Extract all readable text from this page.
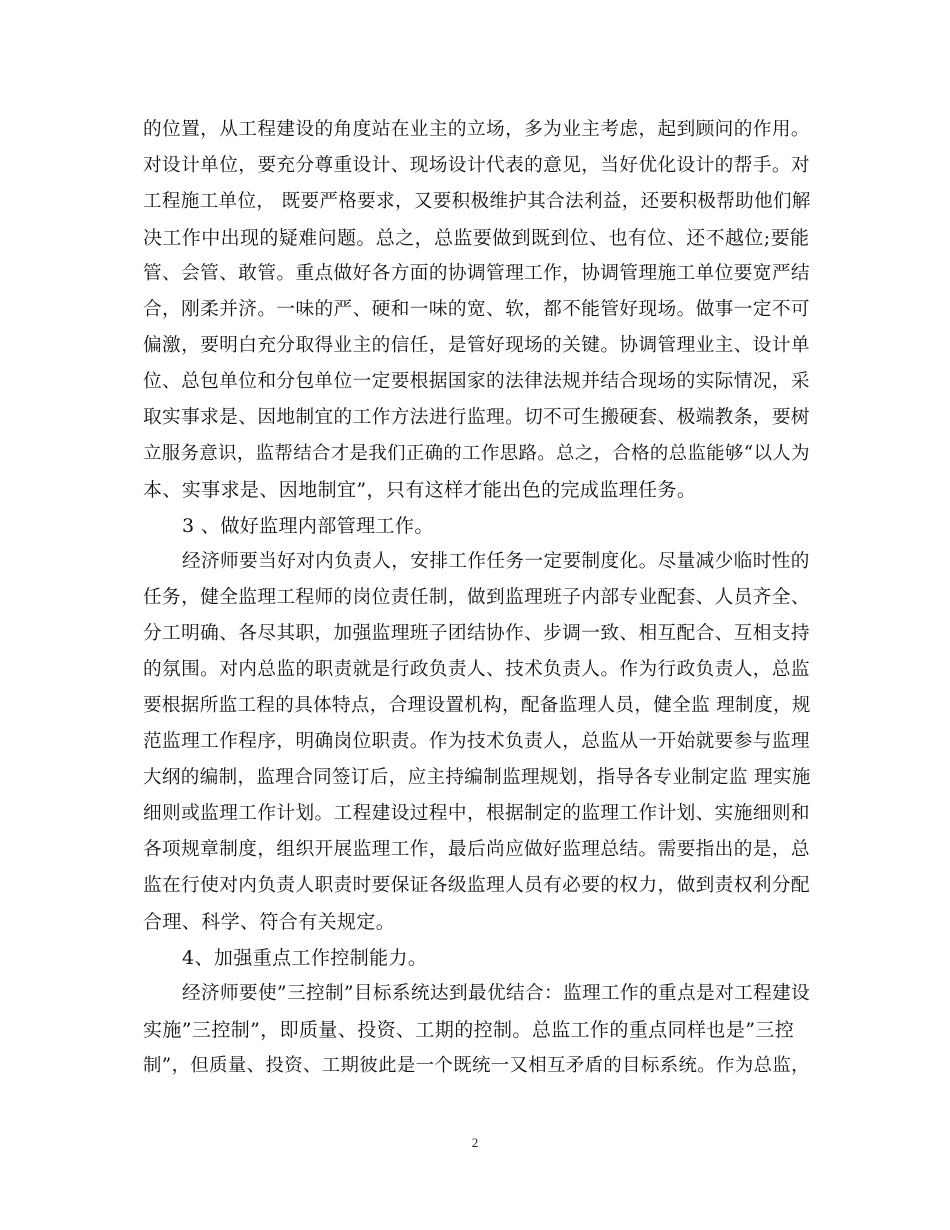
的位置，从工程建设的角度站在业主的立场，多为业主考虑，起到顾问的作用。
对设计单位，要充分尊重设计、现场设计代表的意见，当好优化设计的帮手。对
工程施工单位， 既要严格要求，又要积极维护其合法利益，还要积极帮助他们解
决工作中出现的疑难问题。总之，总监要做到既到位、也有位、还不越位;要能
管、会管、敢管。重点做好各方面的协调管理工作，协调管理施工单位要宽严结
合，刚柔并济。一味的严、硬和一味的宽、软，都不能管好现场。做事一定不可
偏激，要明白充分取得业主的信任，是管好现场的关键。协调管理业主、设计单
位、总包单位和分包单位一定要根据国家的法律法规并结合现场的实际情况，采
取实事求是、因地制宜的工作方法进行监理。切不可生搬硬套、极端教条，要树
立服务意识，监帮结合才是我们正确的工作思路。总之，合格的总监能够“以人为
本、实事求是、因地制宜”，只有这样才能出色的完成监理任务。
3 、做好监理内部管理工作。
经济师要当好对内负责人，安排工作任务一定要制度化。尽量减少临时性的
任务，健全监理工程师的岗位责任制，做到监理班子内部专业配套、人员齐全、
分工明确、各尽其职，加强监理班子团结协作、步调一致、相互配合、互相支持
的氛围。对内总监的职责就是行政负责人、技术负责人。作为行政负责人，总监
要根据所监工程的具体特点，合理设置机构，配备监理人员，健全监 理制度，规
范监理工作程序，明确岗位职责。作为技术负责人，总监从一开始就要参与监理
大纲的编制，监理合同签订后，应主持编制监理规划，指导各专业制定监 理实施
细则或监理工作计划。工程建设过程中，根据制定的监理工作计划、实施细则和
各项规章制度，组织开展监理工作，最后尚应做好监理总结。需要指出的是，总
监在行使对内负责人职责时要保证各级监理人员有必要的权力，做到责权利分配
合理、科学、符合有关规定。
4、加强重点工作控制能力。
经济师要使”三控制”目标系统达到最优结合：监理工作的重点是对工程建设
实施”三控制”，即质量、投资、工期的控制。总监工作的重点同样也是”三控
制”，但质量、投资、工期彼此是一个既统一又相互矛盾的目标系统。作为总监，
2
